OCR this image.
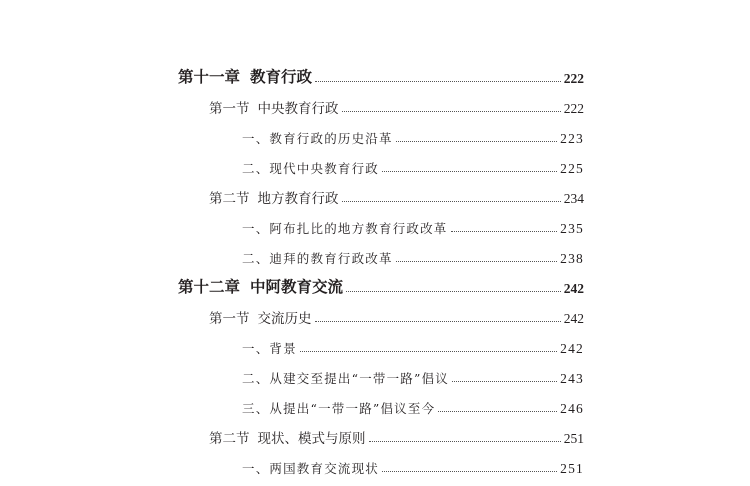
第十一章 教育行政	222
第一节 中央教育行政	222
一、教育行政的历史沿革	223
二、现代中央教育行政	225
第二节 地方教育行政	234
一、阿布扎比的地方教育行政改革	235
二、迪拜的教育行政改革	238
第十二章 中阿教育交流	242
第一节 交流历史	242
一、背景	242
二、从建交至提出“一带一路”倡议	243
三、从提出“一带一路”倡议至今	246
第二节 现状、模式与原则	251
一、两国教育交流现状	251
